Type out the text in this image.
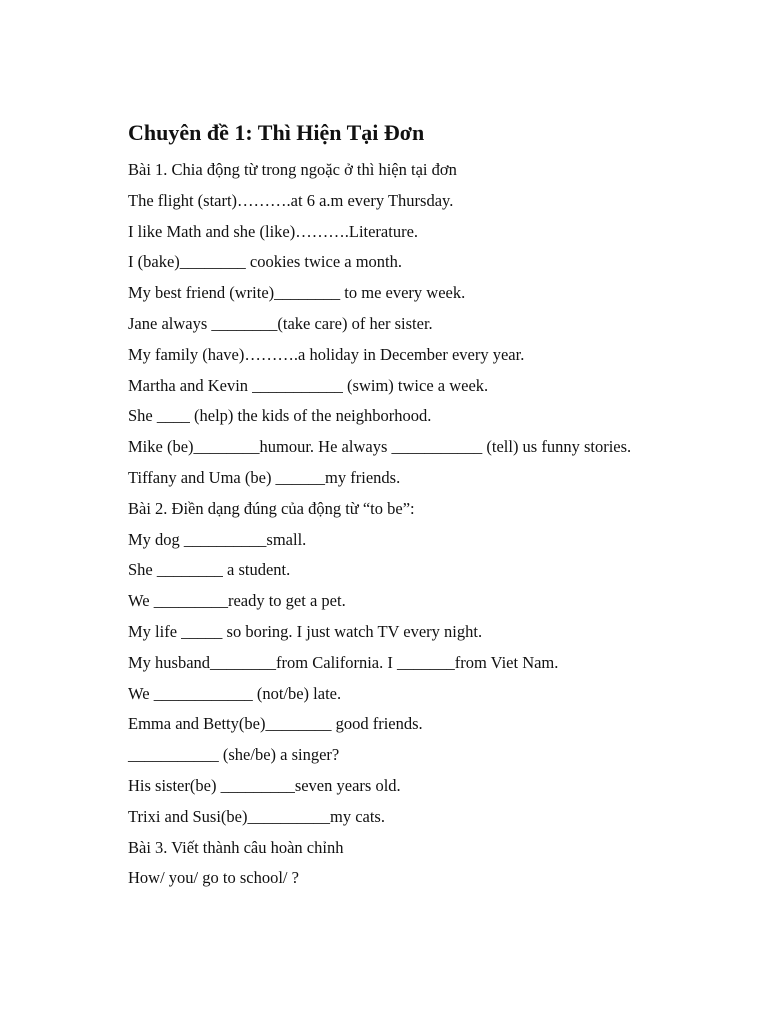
Chuyên đề 1: Thì Hiện Tại Đơn
Bài 1. Chia động từ trong ngoặc ở thì hiện tại đơn
The flight (start)……….at 6 a.m every Thursday.
I like Math and she (like)……….Literature.
I (bake)________ cookies twice a month.
My best friend (write)________ to me every week.
Jane always ________(take care) of her sister.
My family (have)……….a holiday in December every year.
Martha and Kevin ___________ (swim) twice a week.
She ____ (help) the kids of the neighborhood.
Mike (be)________humour. He always ___________ (tell) us funny stories.
Tiffany and Uma (be) ______my friends.
Bài 2. Điền dạng đúng của động từ “to be”:
My dog __________small.
She ________ a student.
We _________ready to get a pet.
My life _____ so boring. I just watch TV every night.
My husband________from California. I _______from Viet Nam.
We ____________ (not/be) late.
Emma and Betty(be)________ good friends.
___________ (she/be) a singer?
His sister(be) _________seven years old.
Trixi and Susi(be)__________my cats.
Bài 3. Viết thành câu hoàn chỉnh
How/ you/ go to school/ ?
